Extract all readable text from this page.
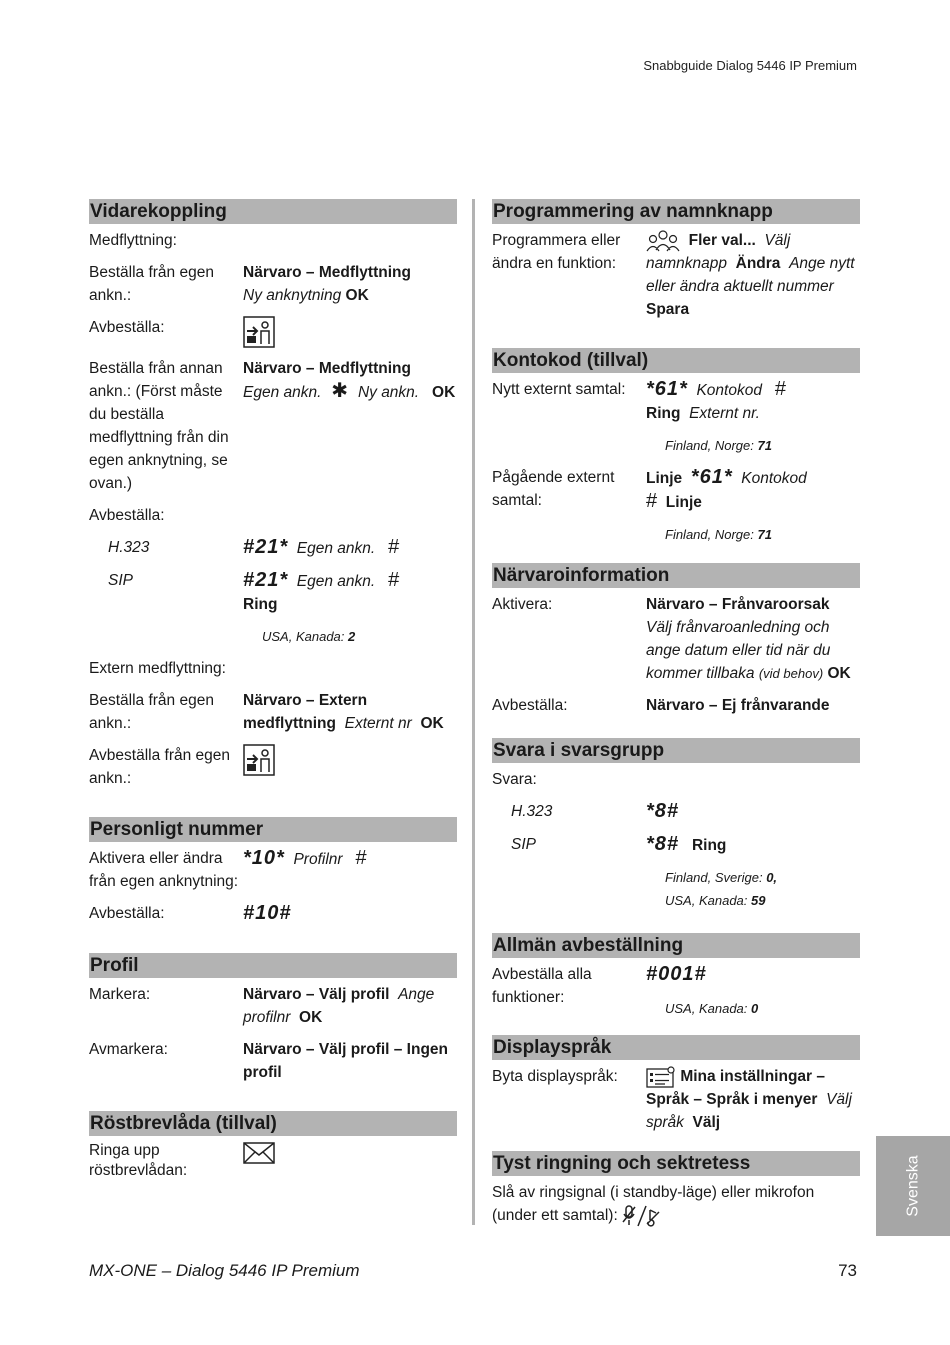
Snabbguide Dialog 5446 IP Premium
Vidarekoppling
Medflyttning:
Beställa från egen ankn.:
Närvaro – Medflyttning
Ny anknytning OK
Avbeställa:
Beställa från annan ankn.: (Först måste du beställa medflyttning från din egen anknytning, se ovan.)
Närvaro – Medflyttning
Egen ankn.  ✱  Ny ankn. OK
Avbeställa:
H.323	#21* Egen ankn. #
SIP	#21* Egen ankn. #
Ring
USA, Kanada: 2
Extern medflyttning:
Beställa från egen ankn.:
Närvaro – Extern medflyttning Externt nr OK
Avbeställa från egen ankn.:
Personligt nummer
Aktivera eller ändra från egen anknytning:
*10* Profilnr #
Avbeställa:	#10#
Profil
Markera:	Närvaro – Välj profil Ange profilnr OK
Avmarkera:	Närvaro – Välj profil – Ingen profil
Röstbrevlåda (tillval)
Ringa upp röstbrevlådan:
Programmering av namnknapp
Programmera eller ändra en funktion:
Fler val... Välj namnknapp Ändra Ange nytt eller ändra aktuellt nummer  Spara
Kontokod (tillval)
Nytt externt samtal:	*61* Kontokod #
Ring Externt nr.
Finland, Norge: 71
Pågående externt samtal:
Linje *61* Kontokod
# Linje
Finland, Norge: 71
Närvaroinformation
Aktivera:	Närvaro – Frånvaroorsak
Välj frånvaroanledning och ange datum eller tid när du kommer tillbaka (vid behov) OK
Avbeställa:	Närvaro – Ej frånvarande
Svara i svarsgrupp
Svara:
H.323	*8#
SIP	*8# Ring
Finland, Sverige: 0,
USA, Kanada: 59
Allmän avbeställning
Avbeställa alla funktioner:
#001#
USA, Kanada: 0
Displayspråk
Byta displayspråk:	Mina inställningar – Språk – Språk i menyer Välj språk Välj
Tyst ringning och sektretess
Slå av ringsignal (i standby-läge) eller mikrofon (under ett samtal):	Svenska
MX-ONE – Dialog 5446 IP Premium	73
